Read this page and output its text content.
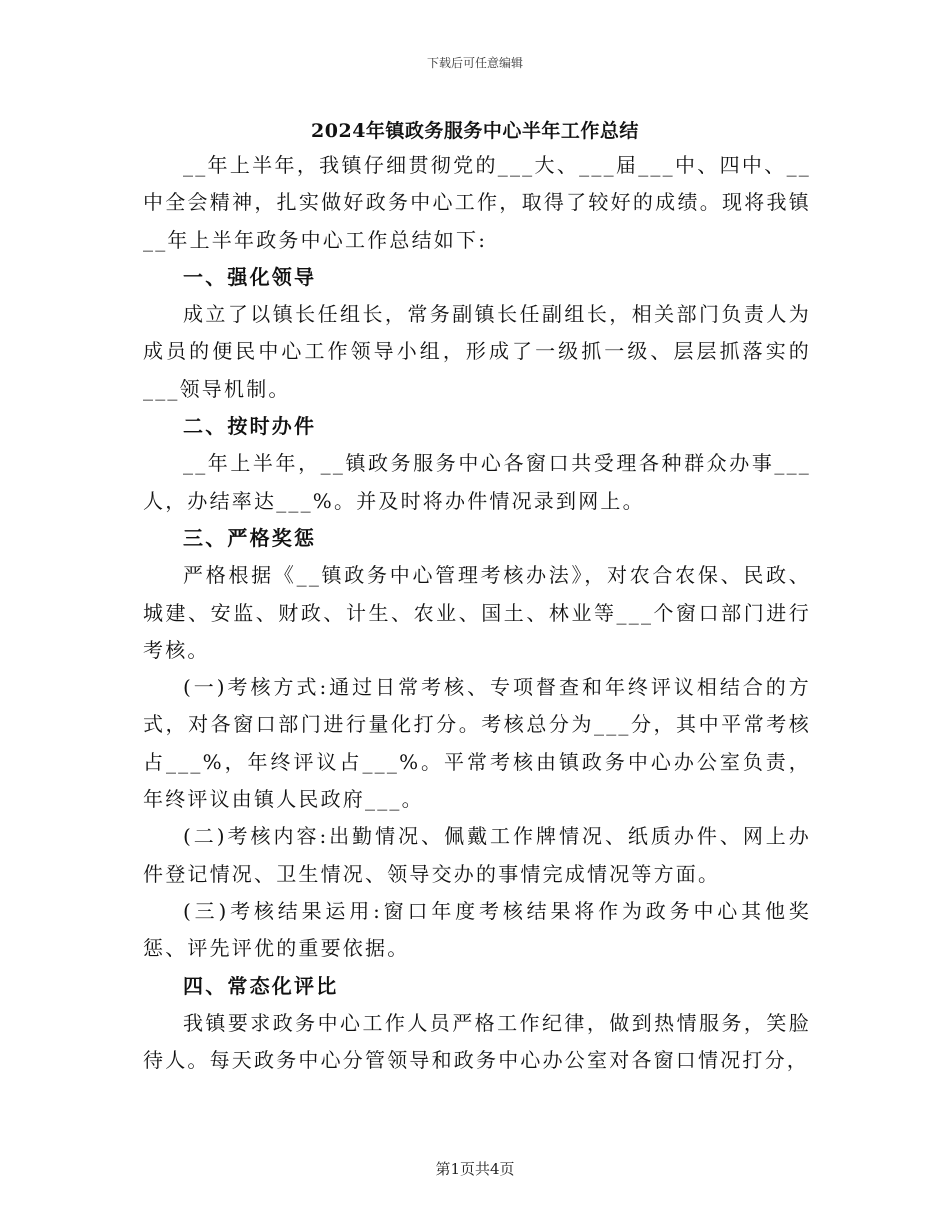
下载后可任意编辑
2024年镇政务服务中心半年工作总结

__年上半年，我镇仔细贯彻党的___大、___届___中、四中、__中全会精神，扎实做好政务中心工作，取得了较好的成绩。现将我镇__年上半年政务中心工作总结如下:

一、强化领导

成立了以镇长任组长，常务副镇长任副组长，相关部门负责人为成员的便民中心工作领导小组，形成了一级抓一级、层层抓落实的___领导机制。

二、按时办件

__年上半年，__镇政务服务中心各窗口共受理各种群众办事___人，办结率达___%。并及时将办件情况录到网上。

三、严格奖惩

严格根据《__镇政务中心管理考核办法》，对农合农保、民政、城建、安监、财政、计生、农业、国土、林业等___个窗口部门进行考核。

(一)考核方式:通过日常考核、专项督查和年终评议相结合的方式，对各窗口部门进行量化打分。考核总分为___分，其中平常考核占___%，年终评议占___%。平常考核由镇政务中心办公室负责，年终评议由镇人民政府___。

(二)考核内容:出勤情况、佩戴工作牌情况、纸质办件、网上办件登记情况、卫生情况、领导交办的事情完成情况等方面。

(三)考核结果运用:窗口年度考核结果将作为政务中心其他奖惩、评先评优的重要依据。

四、常态化评比

我镇要求政务中心工作人员严格工作纪律，做到热情服务，笑脸待人。每天政务中心分管领导和政务中心办公室对各窗口情况打分，

第1页共4页
